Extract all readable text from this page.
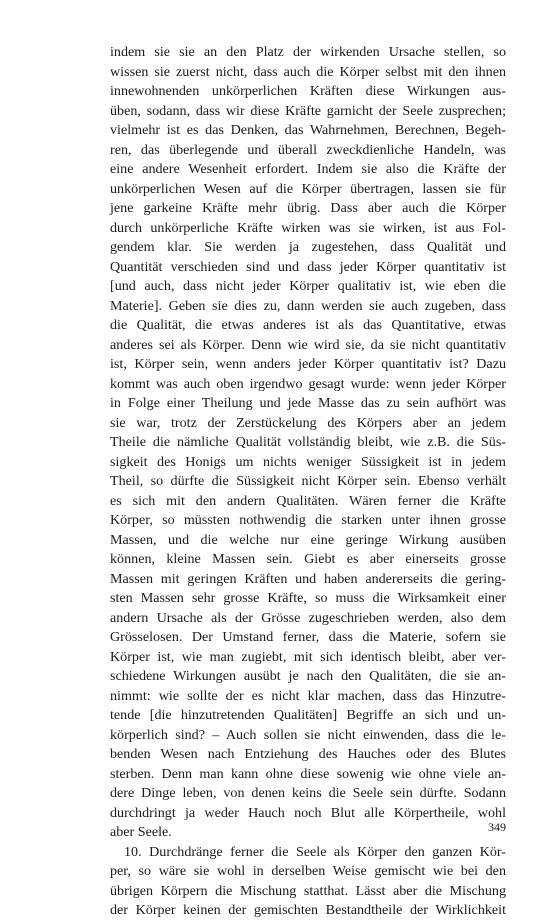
indem sie sie an den Platz der wirkenden Ursache stellen, so
wissen sie zuerst nicht, dass auch die Körper selbst mit den ihnen
innewohnenden unkörperlichen Kräften diese Wirkungen aus-
üben, sodann, dass wir diese Kräfte garnicht der Seele zusprechen;
vielmehr ist es das Denken, das Wahrnehmen, Berechnen, Begeh-
ren, das überlegende und überall zweckdienliche Handeln, was
eine andere Wesenheit erfordert. Indem sie also die Kräfte der
unkörperlichen Wesen auf die Körper übertragen, lassen sie für
jene garkeine Kräfte mehr übrig. Dass aber auch die Körper
durch unkörperliche Kräfte wirken was sie wirken, ist aus Fol-
gendem klar. Sie werden ja zugestehen, dass Qualität und
Quantität verschieden sind und dass jeder Körper quantitativ ist
[und auch, dass nicht jeder Körper qualitativ ist, wie eben die
Materie]. Geben sie dies zu, dann werden sie auch zugeben, dass
die Qualität, die etwas anderes ist als das Quantitative, etwas
anderes sei als Körper. Denn wie wird sie, da sie nicht quantitativ
ist, Körper sein, wenn anders jeder Körper quantitativ ist? Dazu
kommt was auch oben irgendwo gesagt wurde: wenn jeder Körper
in Folge einer Theilung und jede Masse das zu sein aufhört was
sie war, trotz der Zerstückelung des Körpers aber an jedem
Theile die nämliche Qualität vollständig bleibt, wie z.B. die Süs-
sigkeit des Honigs um nichts weniger Süssigkeit ist in jedem
Theil, so dürfte die Süssigkeit nicht Körper sein. Ebenso verhält
es sich mit den andern Qualitäten. Wären ferner die Kräfte
Körper, so müssten nothwendig die starken unter ihnen grosse
Massen, und die welche nur eine geringe Wirkung ausüben
können, kleine Massen sein. Giebt es aber einerseits grosse
Massen mit geringen Kräften und haben andererseits die gering-
sten Massen sehr grosse Kräfte, so muss die Wirksamkeit einer
andern Ursache als der Grösse zugeschrieben werden, also dem
Grösselosen. Der Umstand ferner, dass die Materie, sofern sie
Körper ist, wie man zugiebt, mit sich identisch bleibt, aber ver-
schiedene Wirkungen ausübt je nach den Qualitäten, die sie an-
nimmt: wie sollte der es nicht klar machen, dass das Hinzutre-
tende [die hinzutretenden Qualitäten] Begriffe an sich und un-
körperlich sind? – Auch sollen sie nicht einwenden, dass die le-
benden Wesen nach Entziehung des Hauches oder des Blutes
sterben. Denn man kann ohne diese sowenig wie ohne viele an-
dere Dinge leben, von denen keins die Seele sein dürfte. Sodann
durchdringt ja weder Hauch noch Blut alle Körpertheile, wohl
aber Seele.
10. Durchdränge ferner die Seele als Körper den ganzen Kör-
per, so wäre sie wohl in derselben Weise gemischt wie bei den
übrigen Körpern die Mischung statthat. Lässt aber die Mischung
der Körper keinen der gemischten Bestandtheile der Wirklichkeit
349
